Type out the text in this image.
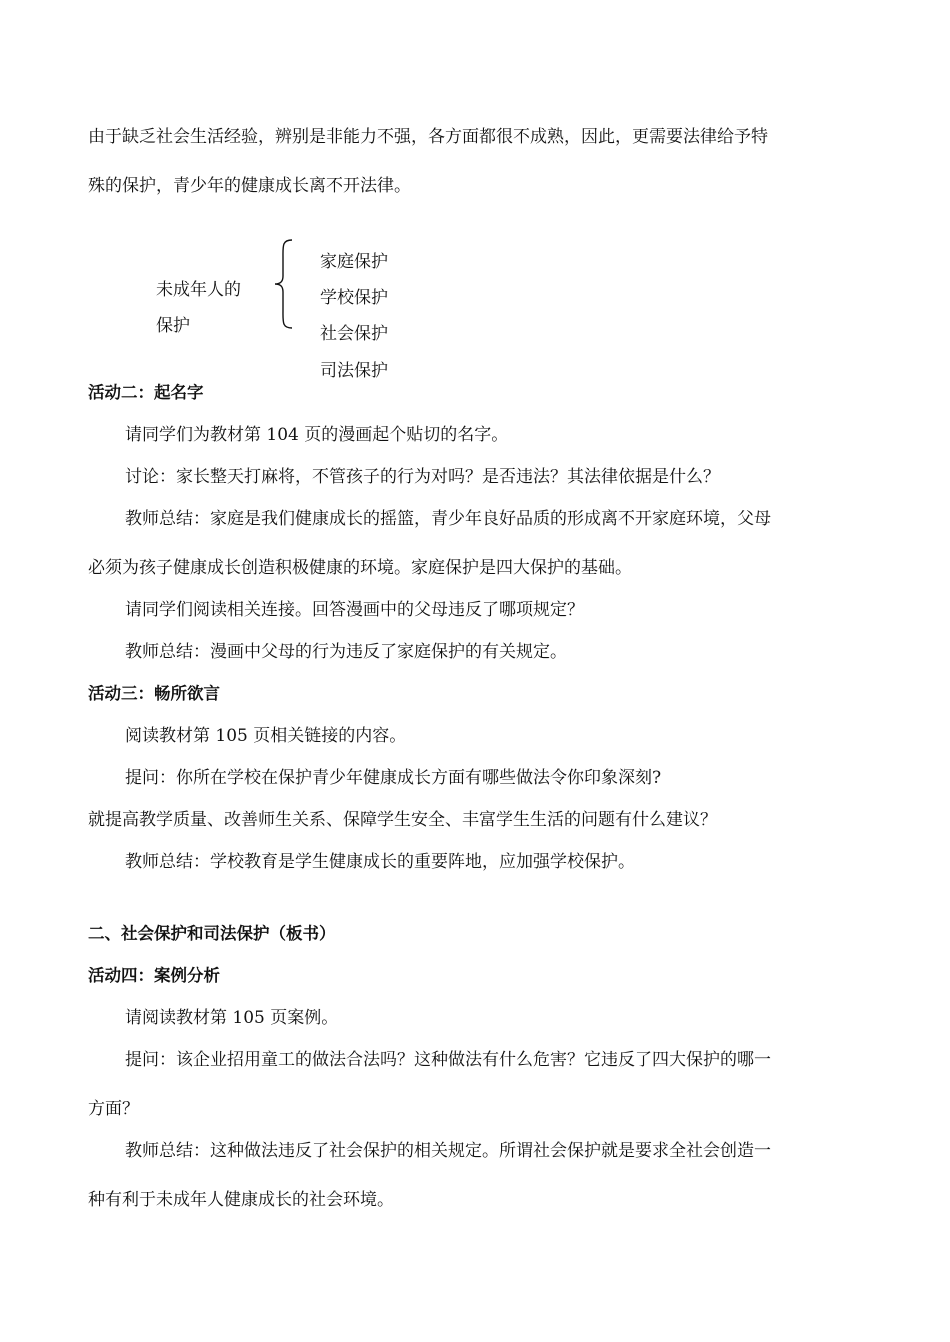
由于缺乏社会生活经验，辨别是非能力不强，各方面都很不成熟，因此，更需要法律给予特
殊的保护，青少年的健康成长离不开法律。
未成年人的
保护
家庭保护
学校保护
社会保护
司法保护
活动二：起名字
请同学们为教材第 104 页的漫画起个贴切的名字。
讨论：家长整天打麻将，不管孩子的行为对吗？是否违法？其法律依据是什么？
教师总结：家庭是我们健康成长的摇篮，青少年良好品质的形成离不开家庭环境，父母
必须为孩子健康成长创造积极健康的环境。家庭保护是四大保护的基础。
请同学们阅读相关连接。回答漫画中的父母违反了哪项规定？
教师总结：漫画中父母的行为违反了家庭保护的有关规定。
活动三：畅所欲言
阅读教材第 105 页相关链接的内容。
提问：你所在学校在保护青少年健康成长方面有哪些做法令你印象深刻?
就提高教学质量、改善师生关系、保障学生安全、丰富学生生活的问题有什么建议？
教师总结：学校教育是学生健康成长的重要阵地，应加强学校保护。
二、社会保护和司法保护（板书）
活动四：案例分析
请阅读教材第 105 页案例。
提问：该企业招用童工的做法合法吗？这种做法有什么危害？它违反了四大保护的哪一
方面？
教师总结：这种做法违反了社会保护的相关规定。所谓社会保护就是要求全社会创造一
种有利于未成年人健康成长的社会环境。
